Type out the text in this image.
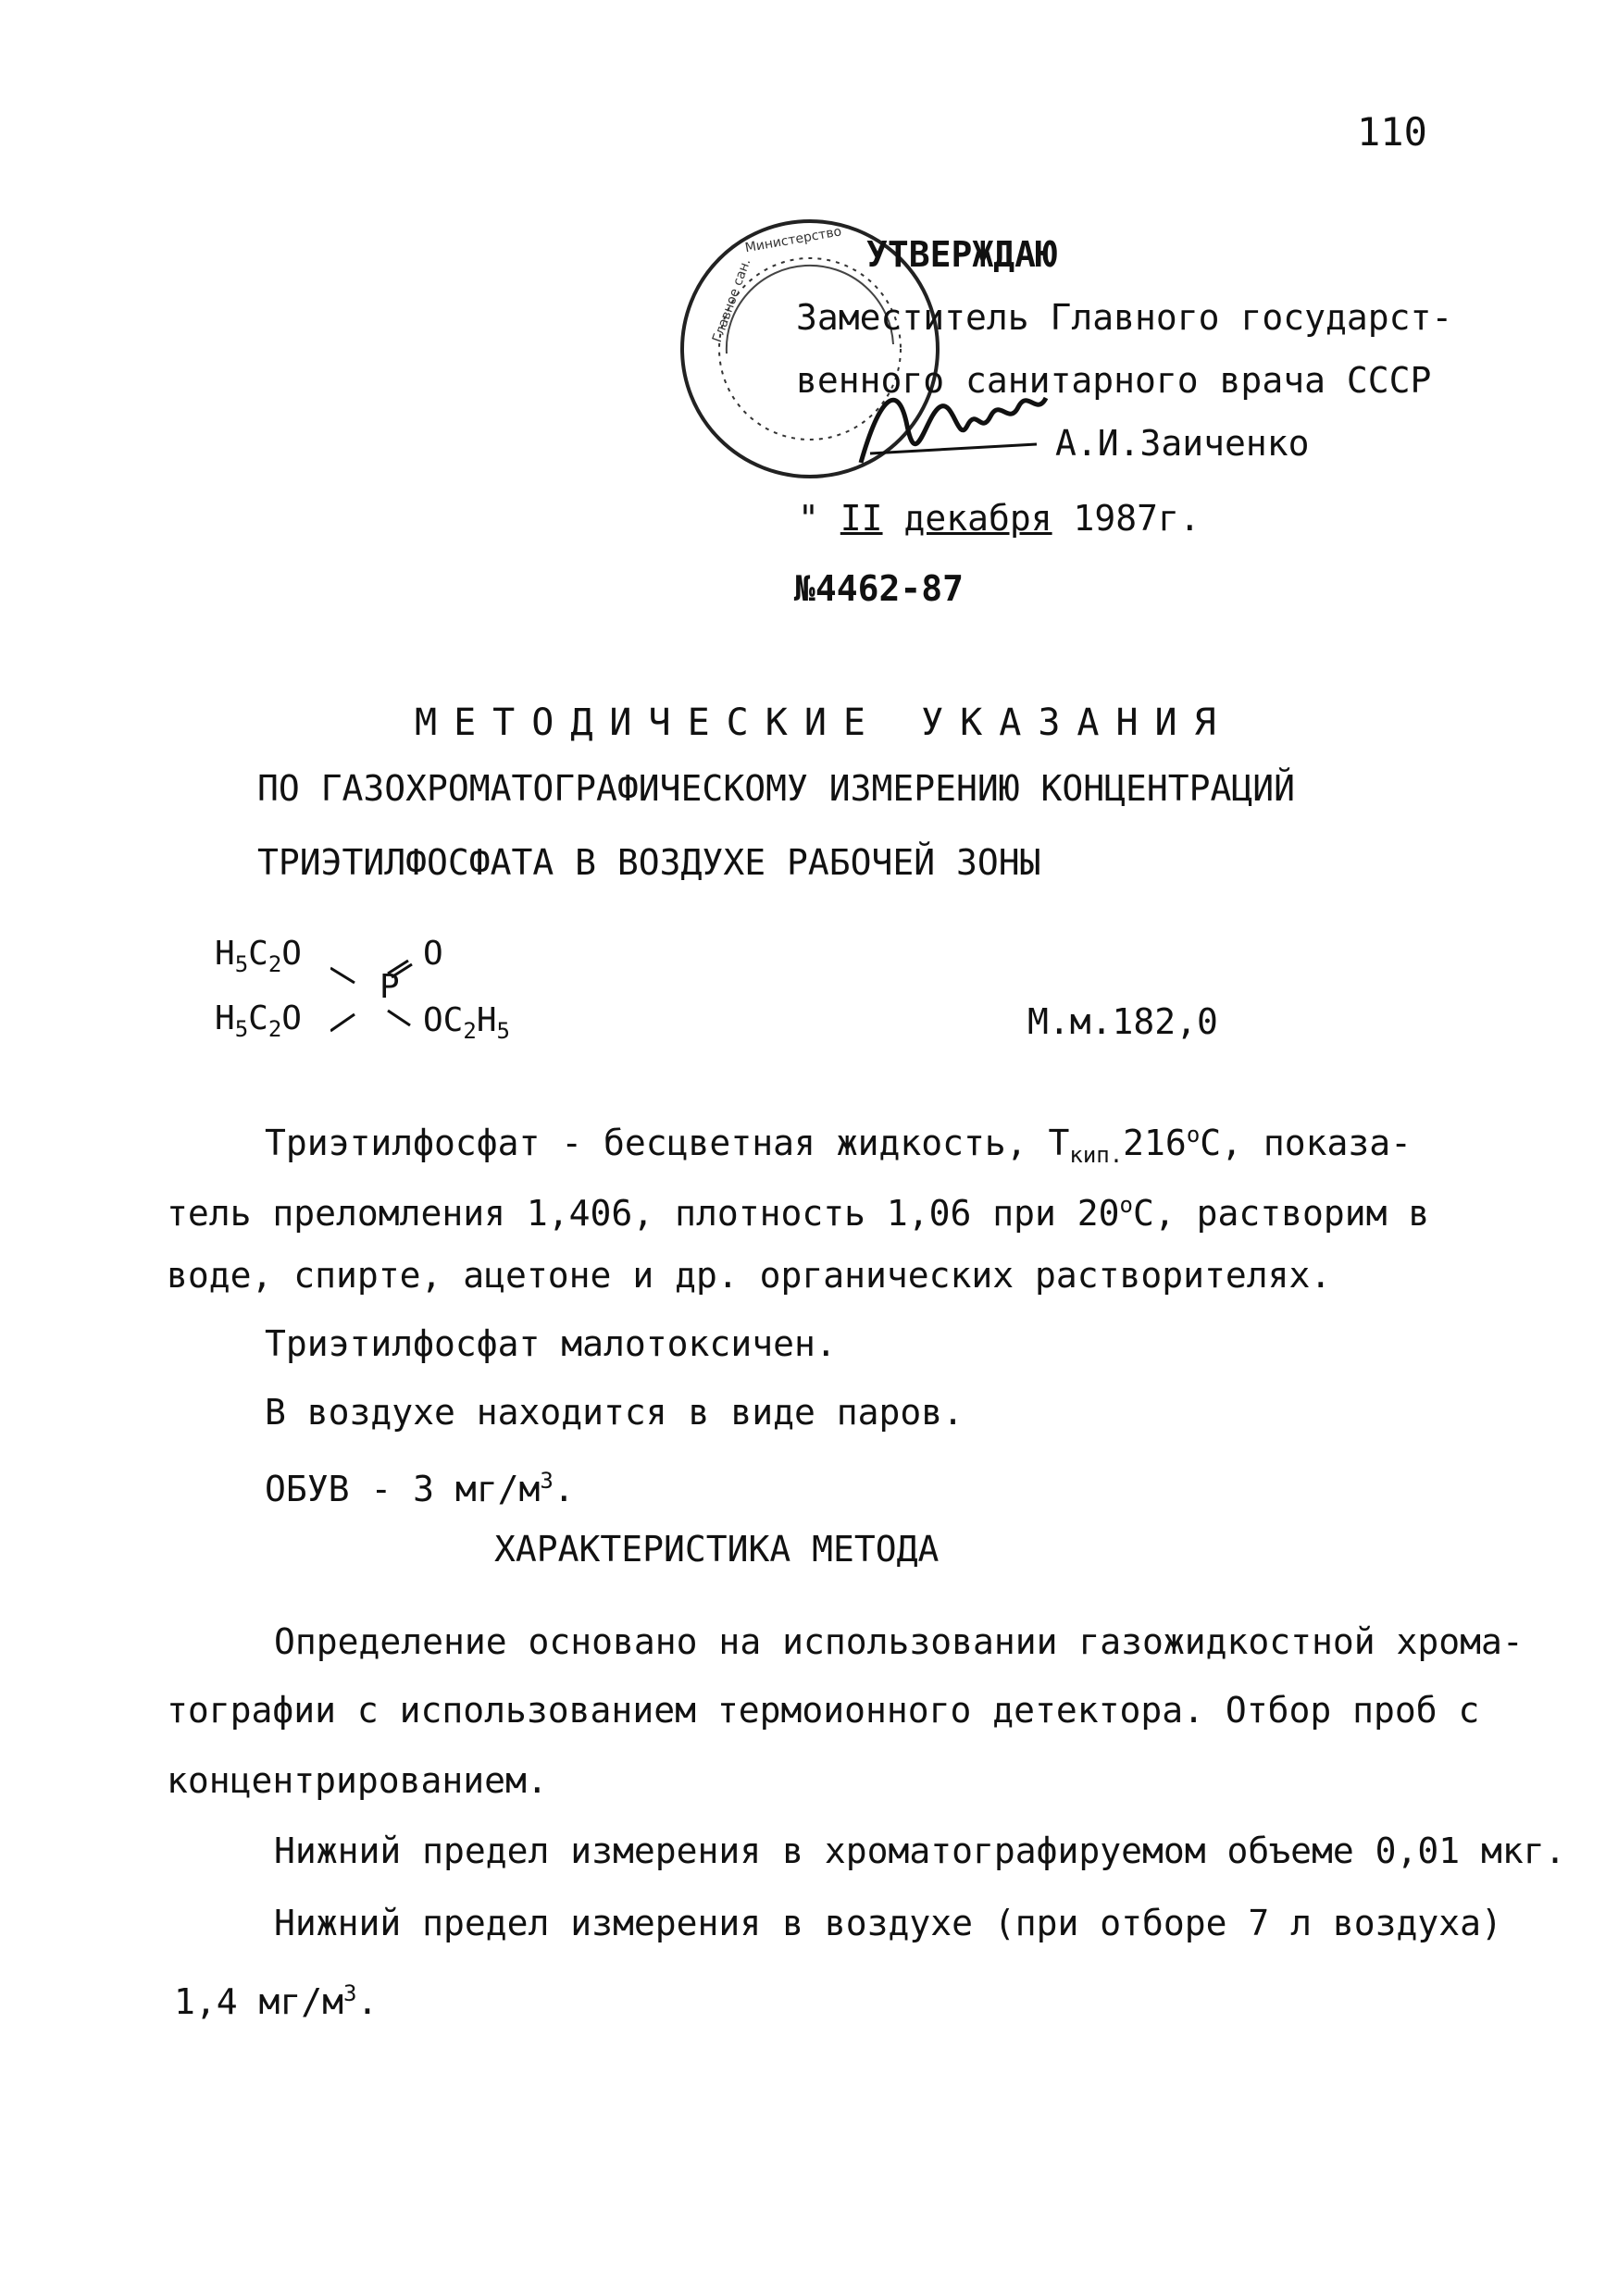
110
Министерство
Главное сан.
УТВЕРЖДАЮ
Заместитель Главного государст-
венного санитарного врача СССР
А.И.Заиченко
" II декабря 1987г.
№4462-87
МЕТОДИЧЕСКИЕ УКАЗАНИЯ
ПО ГАЗОХРОМАТОГРАФИЧЕСКОМУ ИЗМЕРЕНИЮ КОНЦЕНТРАЦИЙ
ТРИЭТИЛФОСФАТА В ВОЗДУХЕ РАБОЧЕЙ ЗОНЫ
$H_5C_2O$
$H_5C_2O$
P
O
$OC_2H_5$	М.м.182,0
Триэтилфосфат - бесцветная жидкость, $Т_{кип.}216^оС$, показа-
тель преломления 1,406, плотность 1,06 при $20^оС$, растворим в
воде, спирте, ацетоне и др. органических растворителях.
Триэтилфосфат малотоксичен.
В воздухе находится в виде паров.
ОБУВ - 3 $мг/м^3$.
ХАРАКТЕРИСТИКА МЕТОДА
Определение основано на использовании газожидкостной хрома-
тографии с использованием термоионного детектора. Отбор проб с
концентрированием.
Нижний предел измерения в хроматографируемом объеме 0,01 мкг.
Нижний предел измерения в воздухе (при отборе 7 л воздуха)
1,4 $мг/м^3$.
